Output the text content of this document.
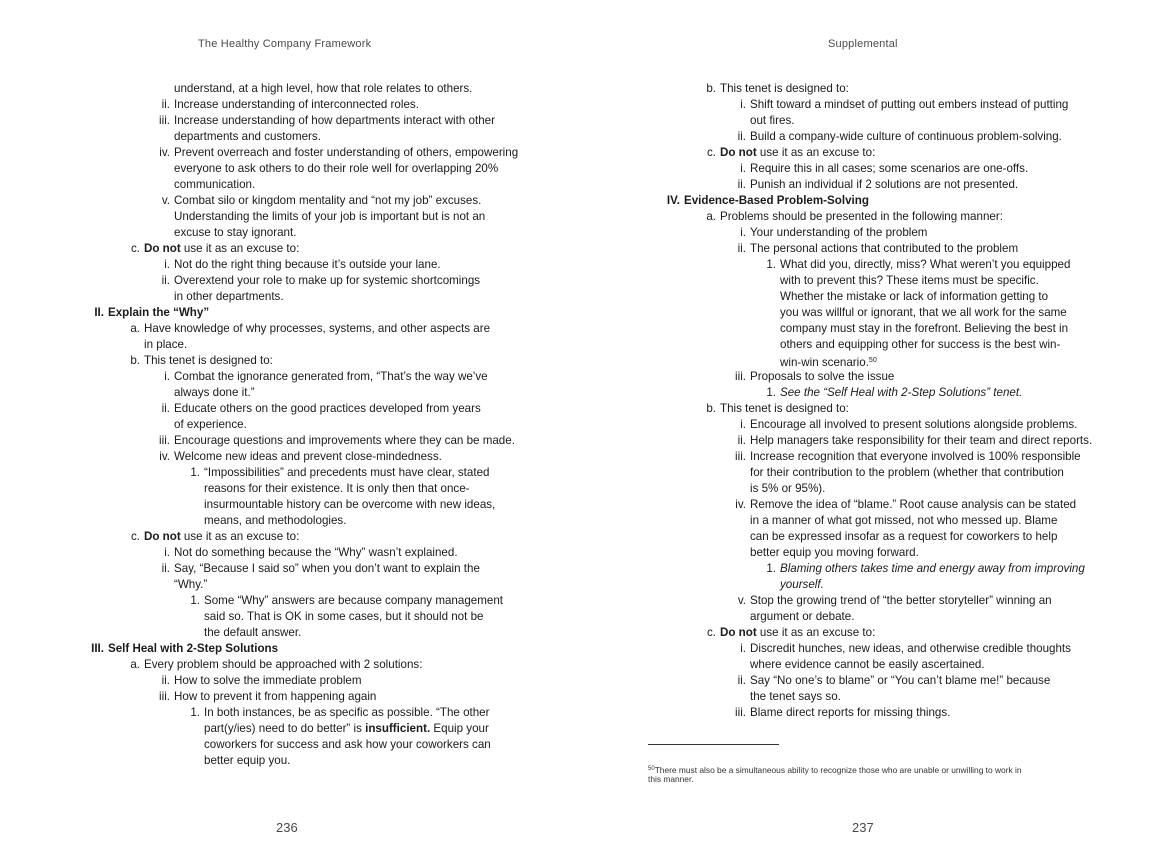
The Healthy Company Framework
understand, at a high level, how that role relates to others.
ii. Increase understanding of interconnected roles.
iii. Increase understanding of how departments interact with other
departments and customers.
iv. Prevent overreach and foster understanding of others, empowering
everyone to ask others to do their role well for overlapping 20%
communication.
v. Combat silo or kingdom mentality and “not my job” excuses.
Understanding the limits of your job is important but is not an
excuse to stay ignorant.
c. Do not use it as an excuse to:
i. Not do the right thing because it’s outside your lane.
ii. Overextend your role to make up for systemic shortcomings
in other departments.
II. Explain the “Why”
a. Have knowledge of why processes, systems, and other aspects are
in place.
b. This tenet is designed to:
i. Combat the ignorance generated from, “That’s the way we’ve
always done it.”
ii. Educate others on the good practices developed from years
of experience.
iii. Encourage questions and improvements where they can be made.
iv. Welcome new ideas and prevent close-mindedness.
1. “Impossibilities” and precedents must have clear, stated
reasons for their existence. It is only then that once-
insurmountable history can be overcome with new ideas,
means, and methodologies.
c. Do not use it as an excuse to:
i. Not do something because the “Why” wasn’t explained.
ii. Say, “Because I said so” when you don’t want to explain the
“Why.”
1. Some “Why” answers are because company management
said so. That is OK in some cases, but it should not be
the default answer.
III. Self Heal with 2-Step Solutions
a. Every problem should be approached with 2 solutions:
ii. How to solve the immediate problem
iii. How to prevent it from happening again
1. In both instances, be as specific as possible. “The other
part(y/ies) need to do better” is insufficient. Equip your
coworkers for success and ask how your coworkers can
better equip you.
236
Supplemental
b. This tenet is designed to:
i. Shift toward a mindset of putting out embers instead of putting
out fires.
ii. Build a company-wide culture of continuous problem-solving.
c. Do not use it as an excuse to:
i. Require this in all cases; some scenarios are one-offs.
ii. Punish an individual if 2 solutions are not presented.
IV. Evidence-Based Problem-Solving
a. Problems should be presented in the following manner:
i. Your understanding of the problem
ii. The personal actions that contributed to the problem
1. What did you, directly, miss? What weren’t you equipped
with to prevent this? These items must be specific.
Whether the mistake or lack of information getting to
you was willful or ignorant, that we all work for the same
company must stay in the forefront. Believing the best in
others and equipping other for success is the best win-
win-win scenario.$^{50}$
iii. Proposals to solve the issue
1. See the “Self Heal with 2-Step Solutions” tenet.
b. This tenet is designed to:
i. Encourage all involved to present solutions alongside problems.
ii. Help managers take responsibility for their team and direct reports.
iii. Increase recognition that everyone involved is 100% responsible
for their contribution to the problem (whether that contribution
is 5% or 95%).
iv. Remove the idea of “blame.” Root cause analysis can be stated
in a manner of what got missed, not who messed up. Blame
can be expressed insofar as a request for coworkers to help
better equip you moving forward.
1. Blaming others takes time and energy away from improving
yourself.
v. Stop the growing trend of “the better storyteller” winning an
argument or debate.
c. Do not use it as an excuse to:
i. Discredit hunches, new ideas, and otherwise credible thoughts
where evidence cannot be easily ascertained.
ii. Say “No one’s to blame” or “You can’t blame me!” because
the tenet says so.
iii. Blame direct reports for missing things.
237
$^{50}$There must also be a simultaneous ability to recognize those who are unable or unwilling to work in
this manner.
